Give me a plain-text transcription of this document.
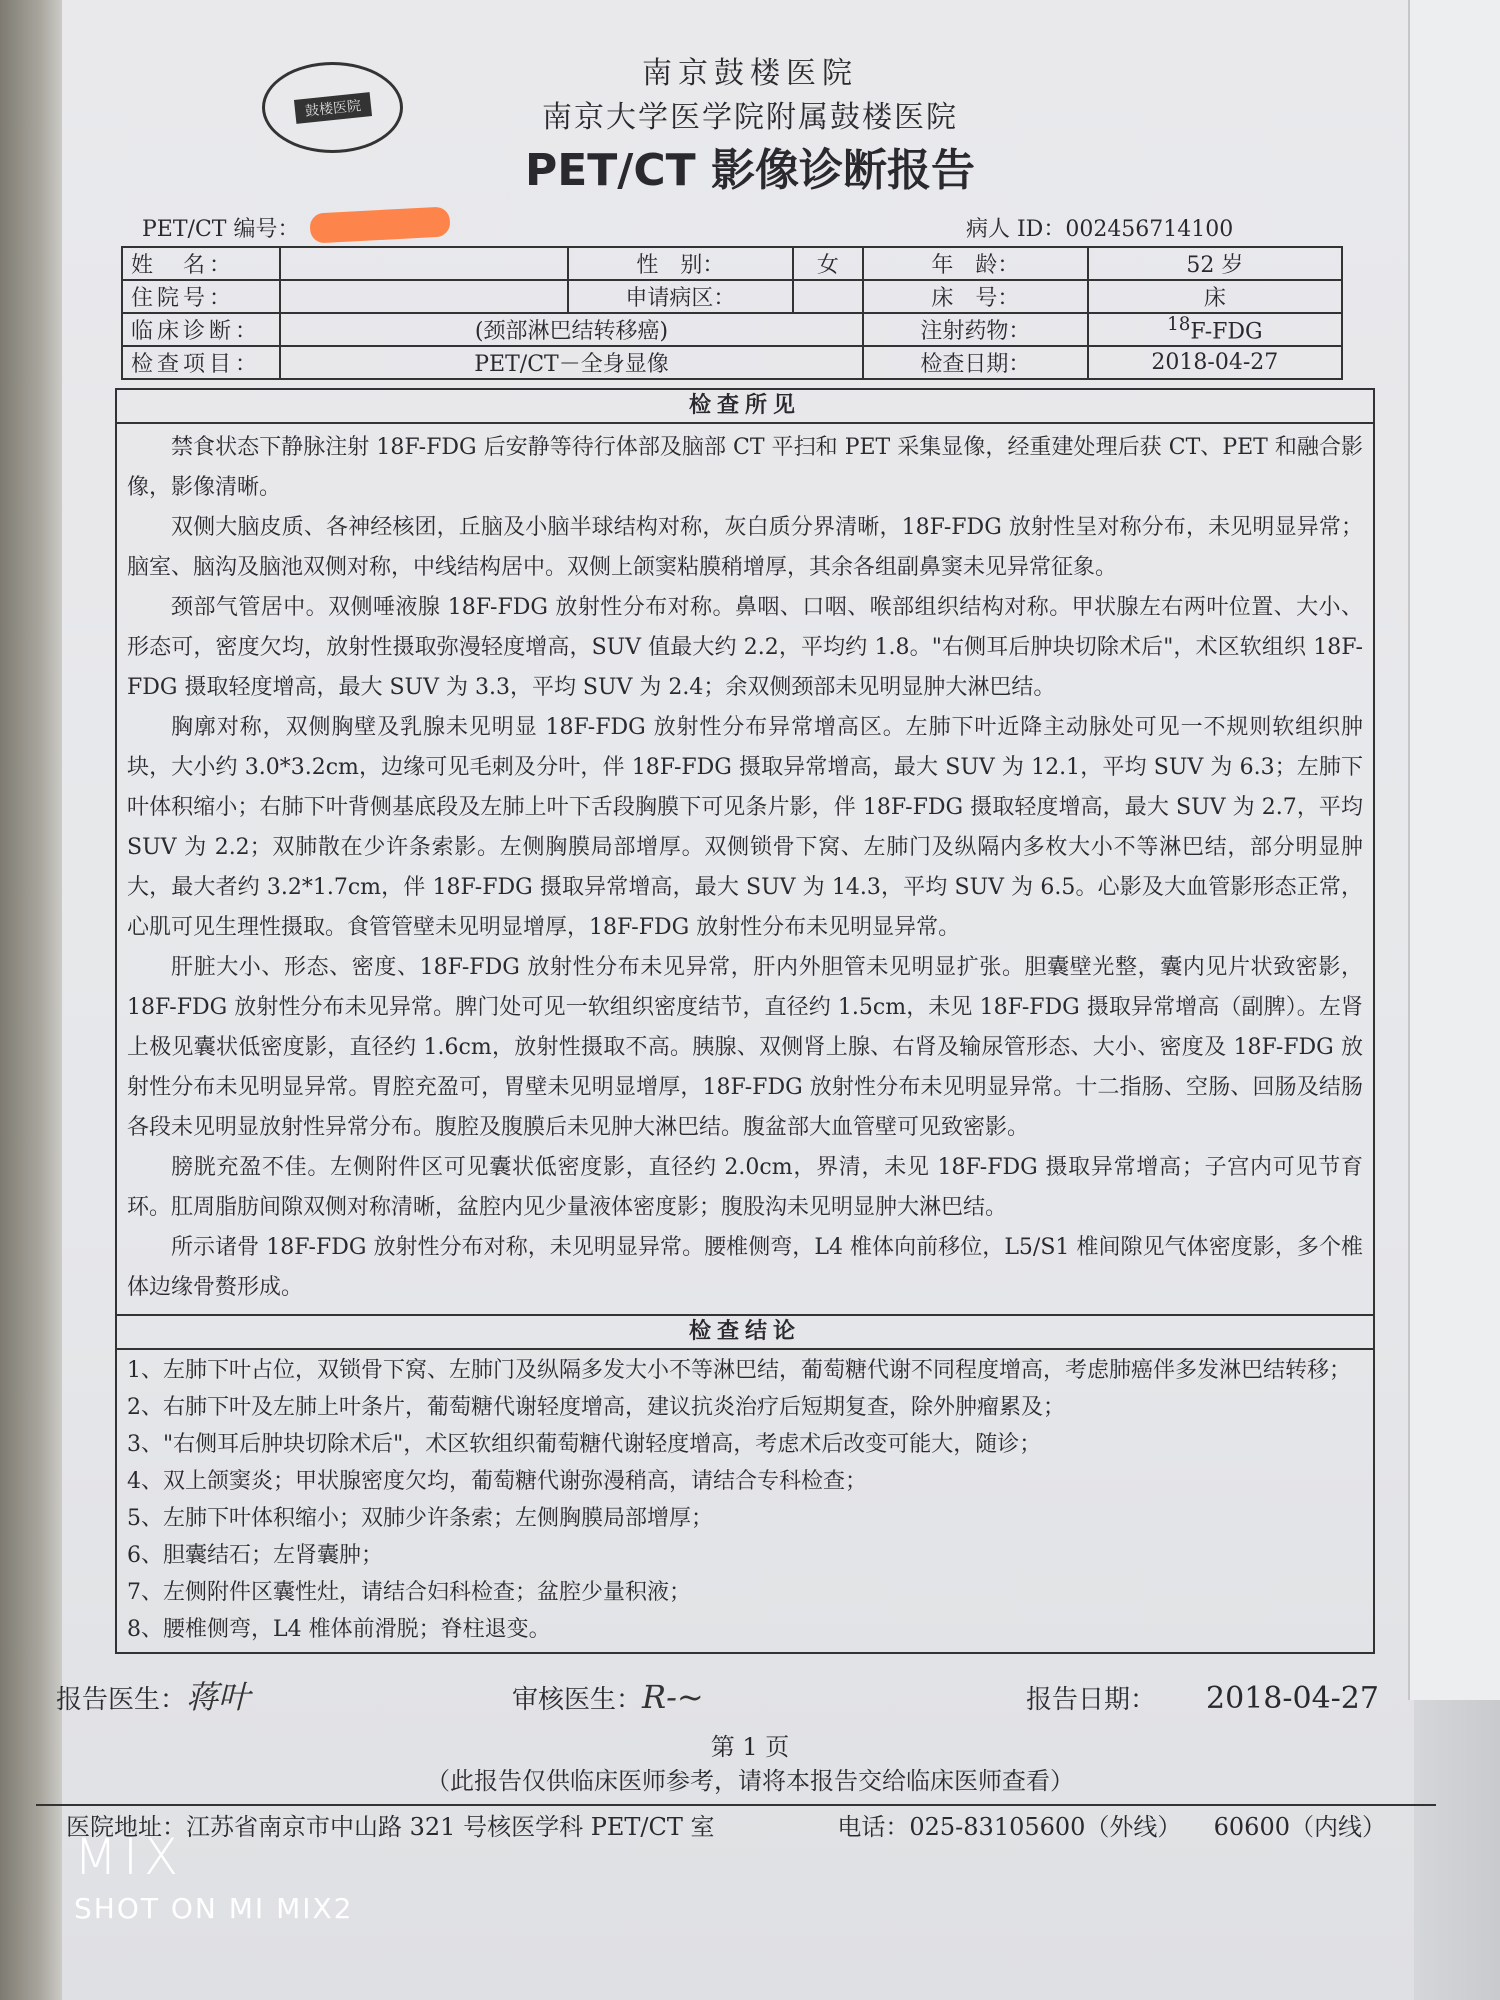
鼓楼医院
南京鼓楼医院
南京大学医学院附属鼓楼医院
PET/CT 影像诊断报告
PET/CT 编号：	病人 ID：002456714100
姓　名：		性　别：	女	年　龄：	52 岁
住院号：		申请病区：		床　号：	床
临床诊断：	(颈部淋巴结转移癌)			注射药物：	$^{18}$F-FDG
检查项目：	PET/CT－全身显像			检查日期：	2018-04-27
检查所见

禁食状态下静脉注射 18F-FDG 后安静等待行体部及脑部 CT 平扫和 PET 采集显像，经重建处理后获 CT、PET 和融合影像，影像清晰。

双侧大脑皮质、各神经核团，丘脑及小脑半球结构对称，灰白质分界清晰，18F-FDG 放射性呈对称分布，未见明显异常；脑室、脑沟及脑池双侧对称，中线结构居中。双侧上颌窦粘膜稍增厚，其余各组副鼻窦未见异常征象。

颈部气管居中。双侧唾液腺 18F-FDG 放射性分布对称。鼻咽、口咽、喉部组织结构对称。甲状腺左右两叶位置、大小、形态可，密度欠均，放射性摄取弥漫轻度增高，SUV 值最大约 2.2，平均约 1.8。"右侧耳后肿块切除术后"，术区软组织 18F-FDG 摄取轻度增高，最大 SUV 为 3.3，平均 SUV 为 2.4；余双侧颈部未见明显肿大淋巴结。

胸廓对称，双侧胸壁及乳腺未见明显 18F-FDG 放射性分布异常增高区。左肺下叶近降主动脉处可见一不规则软组织肿块，大小约 3.0*3.2cm，边缘可见毛刺及分叶，伴 18F-FDG 摄取异常增高，最大 SUV 为 12.1，平均 SUV 为 6.3；左肺下叶体积缩小；右肺下叶背侧基底段及左肺上叶下舌段胸膜下可见条片影，伴 18F-FDG 摄取轻度增高，最大 SUV 为 2.7，平均 SUV 为 2.2；双肺散在少许条索影。左侧胸膜局部增厚。双侧锁骨下窝、左肺门及纵隔内多枚大小不等淋巴结，部分明显肿大，最大者约 3.2*1.7cm，伴 18F-FDG 摄取异常增高，最大 SUV 为 14.3，平均 SUV 为 6.5。心影及大血管影形态正常，心肌可见生理性摄取。食管管壁未见明显增厚，18F-FDG 放射性分布未见明显异常。

肝脏大小、形态、密度、18F-FDG 放射性分布未见异常，肝内外胆管未见明显扩张。胆囊壁光整，囊内见片状致密影，18F-FDG 放射性分布未见异常。脾门处可见一软组织密度结节，直径约 1.5cm，未见 18F-FDG 摄取异常增高（副脾）。左肾上极见囊状低密度影，直径约 1.6cm，放射性摄取不高。胰腺、双侧肾上腺、右肾及输尿管形态、大小、密度及 18F-FDG 放射性分布未见明显异常。胃腔充盈可，胃壁未见明显增厚，18F-FDG 放射性分布未见明显异常。十二指肠、空肠、回肠及结肠各段未见明显放射性异常分布。腹腔及腹膜后未见肿大淋巴结。腹盆部大血管壁可见致密影。

膀胱充盈不佳。左侧附件区可见囊状低密度影，直径约 2.0cm，界清，未见 18F-FDG 摄取异常增高；子宫内可见节育环。肛周脂肪间隙双侧对称清晰，盆腔内见少量液体密度影；腹股沟未见明显肿大淋巴结。

所示诸骨 18F-FDG 放射性分布对称，未见明显异常。腰椎侧弯，L4 椎体向前移位，L5/S1 椎间隙见气体密度影，多个椎体边缘骨赘形成。

检查结论
1、左肺下叶占位，双锁骨下窝、左肺门及纵隔多发大小不等淋巴结，葡萄糖代谢不同程度增高，考虑肺癌伴多发淋巴结转移；
2、右肺下叶及左肺上叶条片，葡萄糖代谢轻度增高，建议抗炎治疗后短期复查，除外肿瘤累及；
3、"右侧耳后肿块切除术后"，术区软组织葡萄糖代谢轻度增高，考虑术后改变可能大，随诊；
4、双上颌窦炎；甲状腺密度欠均，葡萄糖代谢弥漫稍高，请结合专科检查；
5、左肺下叶体积缩小；双肺少许条索；左侧胸膜局部增厚；
6、胆囊结石；左肾囊肿；
7、左侧附件区囊性灶，请结合妇科检查；盆腔少量积液；
8、腰椎侧弯，L4 椎体前滑脱；脊柱退变。
报告医生：蒋叶	审核医生：R-~	报告日期： 2018-04-27
第 1 页
（此报告仅供临床医师参考，请将本报告交给临床医师查看）
医院地址：江苏省南京市中山路 321 号核医学科 PET/CT 室	电话：025-83105600（外线）	60600（内线）
MIX
SHOT ON MI MIX2
